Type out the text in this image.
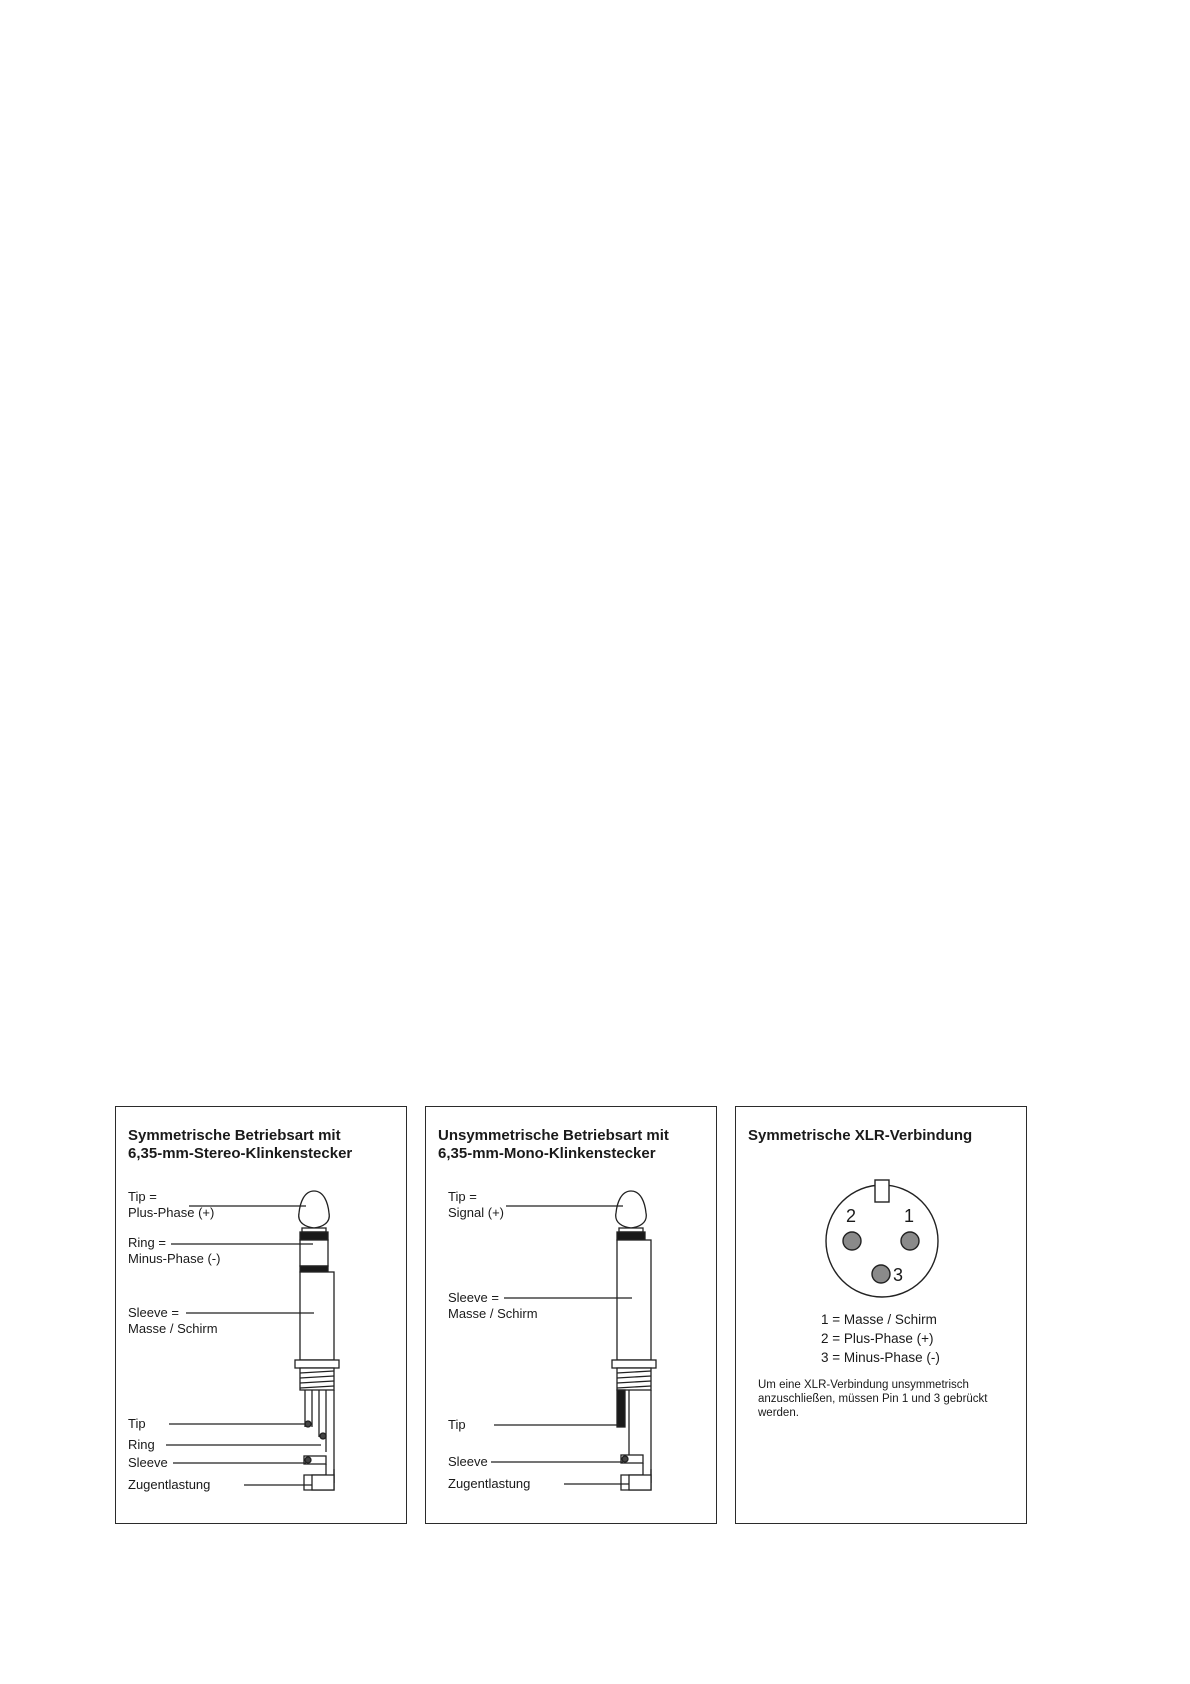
Symmetrische Betriebsart mit
6,35-mm-Stereo-Klinkenstecker
Tip =
Plus-Phase (+)
Ring =
Minus-Phase (-)
Sleeve =
Masse / Schirm
Tip
Ring
Sleeve
Zugentlastung
Unsymmetrische Betriebsart mit
6,35-mm-Mono-Klinkenstecker
Tip =
Signal (+)
Sleeve =
Masse / Schirm
Tip
Sleeve
Zugentlastung
Symmetrische XLR-Verbindung
2	1
3
1 = Masse / Schirm
2 = Plus-Phase (+)
3 = Minus-Phase (-)
Um eine XLR-Verbindung unsymmetrisch anzuschließen, müssen Pin 1 und 3 gebrückt werden.
